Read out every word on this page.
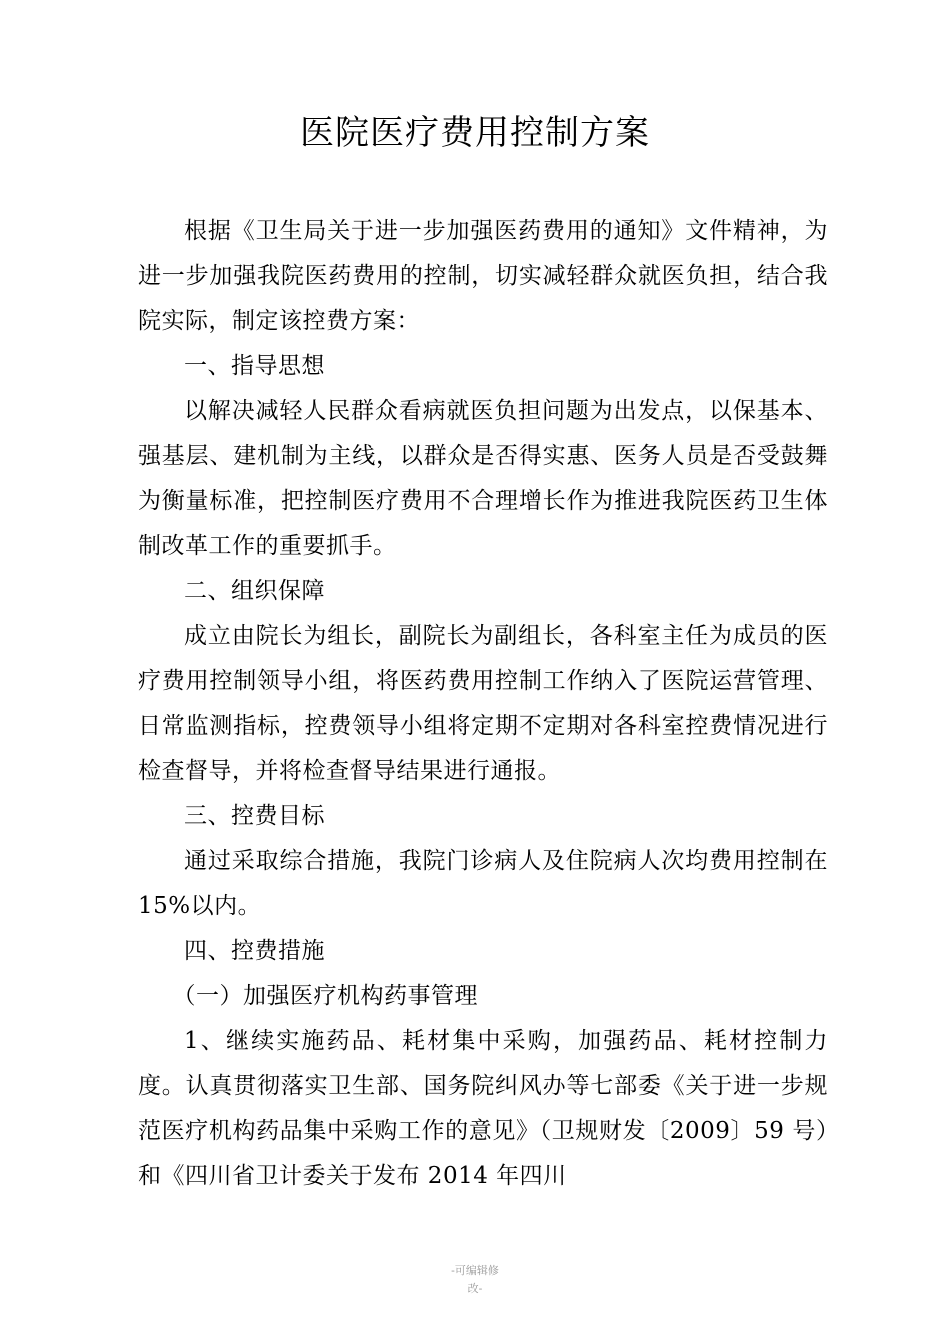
医院医疗费用控制方案

根据《卫生局关于进一步加强医药费用的通知》文件精神，为进一步加强我院医药费用的控制，切实减轻群众就医负担，结合我院实际，制定该控费方案：

一、指导思想

以解决减轻人民群众看病就医负担问题为出发点，以保基本、强基层、建机制为主线，以群众是否得实惠、医务人员是否受鼓舞为衡量标准，把控制医疗费用不合理增长作为推进我院医药卫生体制改革工作的重要抓手。

二、组织保障

成立由院长为组长，副院长为副组长，各科室主任为成员的医疗费用控制领导小组，将医药费用控制工作纳入了医院运营管理、日常监测指标，控费领导小组将定期不定期对各科室控费情况进行检查督导，并将检查督导结果进行通报。

三、控费目标

通过采取综合措施，我院门诊病人及住院病人次均费用控制在 15%以内。

四、控费措施

（一）加强医疗机构药事管理

1、继续实施药品、耗材集中采购，加强药品、耗材控制力度。认真贯彻落实卫生部、国务院纠风办等七部委《关于进一步规范医疗机构药品集中采购工作的意见》（卫规财发〔2009〕59 号）和《四川省卫计委关于发布 2014 年四川

-可编辑修
改-
